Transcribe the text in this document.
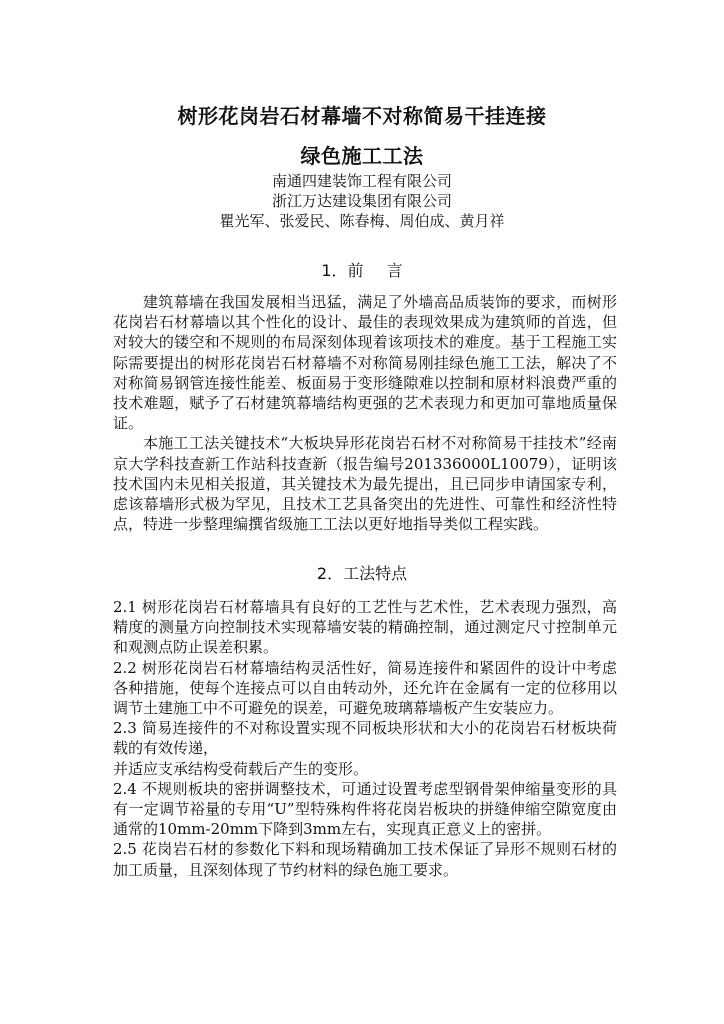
树形花岗岩石材幕墙不对称简易干挂连接
绿色施工工法
南通四建装饰工程有限公司
浙江万达建设集团有限公司
瞿光军、张爱民、陈春梅、周伯成、黄月祥
1．前 言

建筑幕墙在我国发展相当迅猛，满足了外墙高品质装饰的要求，而树形花岗岩石材幕墙以其个性化的设计、最佳的表现效果成为建筑师的首选，但对较大的镂空和不规则的布局深刻体现着该项技术的难度。基于工程施工实际需要提出的树形花岗岩石材幕墙不对称简易刚挂绿色施工工法，解决了不对称简易钢管连接性能差、板面易于变形缝隙难以控制和原材料浪费严重的技术难题，赋予了石材建筑幕墙结构更强的艺术表现力和更加可靠地质量保证。

本施工工法关键技术“大板块异形花岗岩石材不对称简易干挂技术”经南京大学科技查新工作站科技查新（报告编号201336000L10079），证明该技术国内未见相关报道，其关键技术为最先提出，且已同步申请国家专利，虑该幕墙形式极为罕见，且技术工艺具备突出的先进性、可靠性和经济性特点，特进一步整理编撰省级施工工法以更好地指导类似工程实践。

2．工法特点

2.1 树形花岗岩石材幕墙具有良好的工艺性与艺术性，艺术表现力强烈，高精度的测量方向控制技术实现幕墙安装的精确控制，通过测定尺寸控制单元和观测点防止误差积累。

2.2 树形花岗岩石材幕墙结构灵活性好，简易连接件和紧固件的设计中考虑各种措施，使每个连接点可以自由转动外，还允许在金属有一定的位移用以调节土建施工中不可避免的误差，可避免玻璃幕墙板产生安装应力。

2.3 简易连接件的不对称设置实现不同板块形状和大小的花岗岩石材板块荷载的有效传递，

并适应支承结构受荷载后产生的变形。

2.4 不规则板块的密拼调整技术，可通过设置考虑型钢骨架伸缩量变形的具有一定调节裕量的专用“U”型特殊构件将花岗岩板块的拼缝伸缩空隙宽度由通常的10mm-20mm下降到3mm左右，实现真正意义上的密拼。

2.5 花岗岩石材的参数化下料和现场精确加工技术保证了异形不规则石材的加工质量，且深刻体现了节约材料的绿色施工要求。
